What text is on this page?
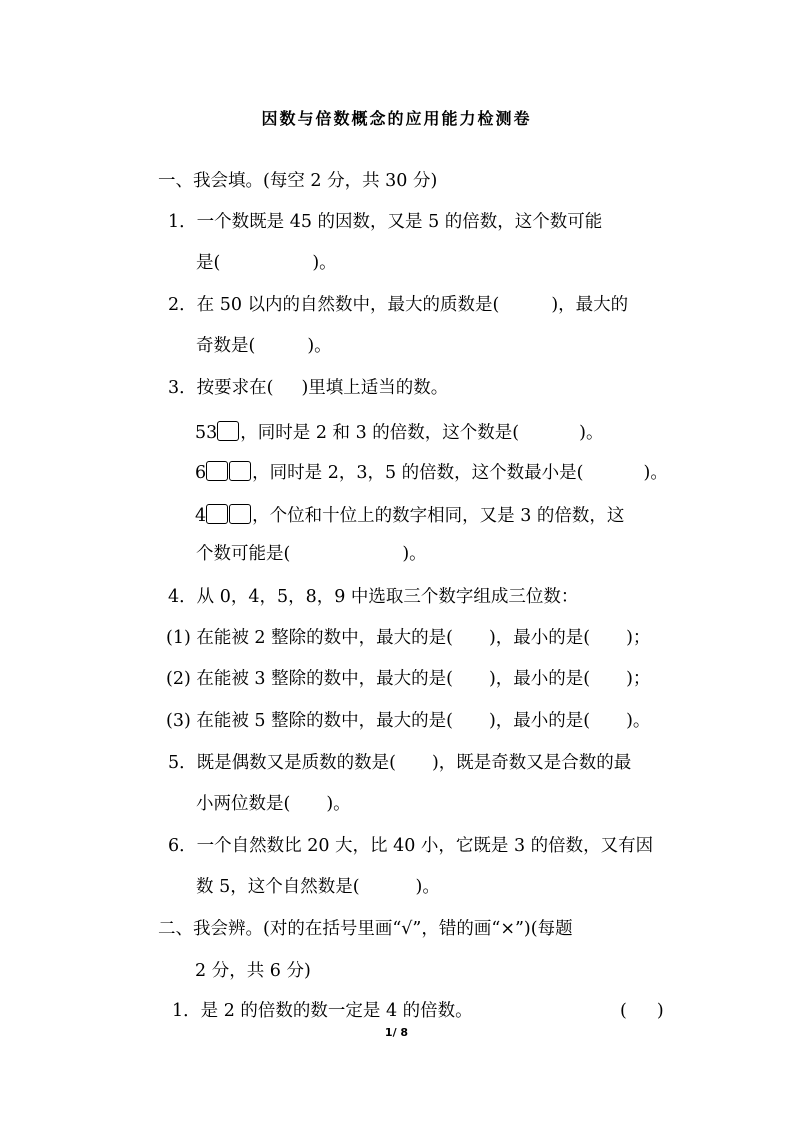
因数与倍数概念的应用能力检测卷
一、我会填。(每空 2 分，共 30 分)
1．一个数既是 45 的因数，又是 5 的倍数，这个数可能
是(	)。
2．在 50 以内的自然数中，最大的质数是(	)，最大的
奇数是(	)。
3．按要求在( )里填上适当的数。
53 ，同时是 2 和 3 的倍数，这个数是(	)。
6	，同时是 2，3，5 的倍数，这个数最小是(	)。
4	，个位和十位上的数字相同，又是 3 的倍数，这
个数可能是(	)。
4．从 0，4，5，8，9 中选取三个数字组成三位数：
(1) 在能被 2 整除的数中，最大的是( )，最小的是( )；
(2) 在能被 3 整除的数中，最大的是( )，最小的是( )；
(3) 在能被 5 整除的数中，最大的是( )，最小的是( )。
5．既是偶数又是质数的数是( )，既是奇数又是合数的最
小两位数是( )。
6．一个自然数比 20 大，比 40 小，它既是 3 的倍数，又有因
数 5，这个自然数是(	)。
二、我会辨。(对的在括号里画“√”，错的画“×”)(每题
2 分，共 6 分)
1．是 2 的倍数的数一定是 4 的倍数。	( )
1/ 8
